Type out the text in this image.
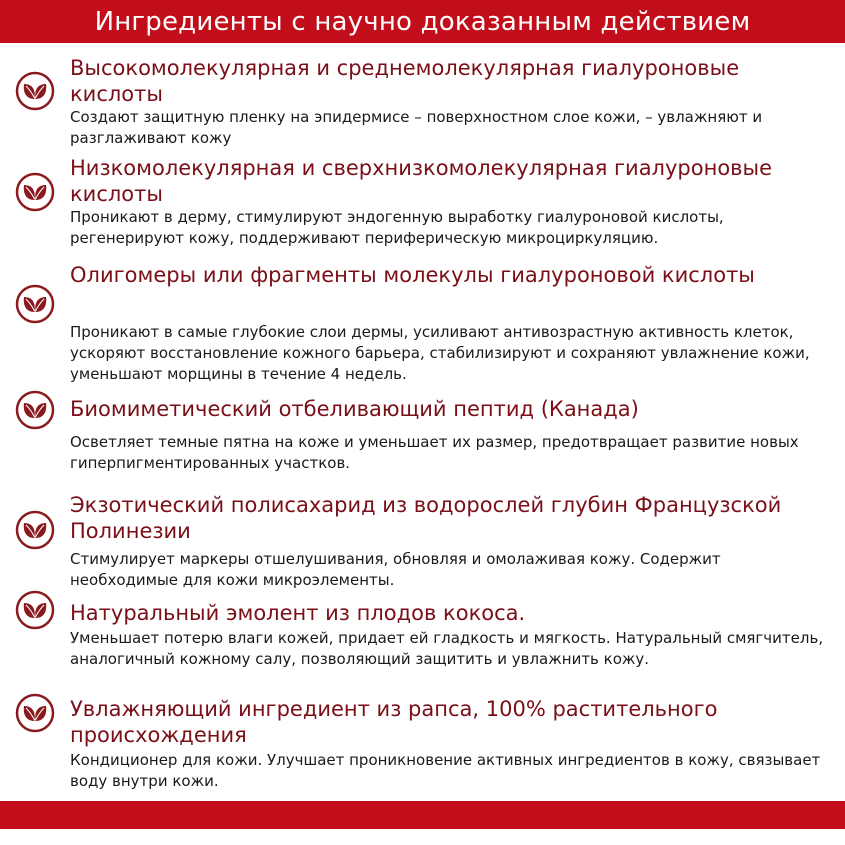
Ингредиенты с научно доказанным действием
Высокомолекулярная и среднемолекулярная гиалуроновые кислоты
Создают защитную пленку на эпидермисе – поверхностном слое кожи, – увлажняют и разглаживают кожу
Низкомолекулярная и сверхнизкомолекулярная гиалуроновые кислоты
Проникают в дерму, стимулируют эндогенную выработку гиалуроновой кислоты, регенерируют кожу, поддерживают периферическую микроциркуляцию.
Олигомеры или фрагменты молекулы гиалуроновой кислоты
Проникают в самые глубокие слои дермы, усиливают антивозрастную активность клеток, ускоряют восстановление кожного барьера, стабилизируют и сохраняют увлажнение кожи, уменьшают морщины в течение 4 недель.
Биомиметический отбеливающий пептид (Канада)
Осветляет темные пятна на коже и уменьшает их размер, предотвращает развитие новых гиперпигментированных участков.
Экзотический полисахарид из водорослей глубин Французской Полинезии
Стимулирует маркеры отшелушивания, обновляя и омолаживая кожу. Содержит необходимые для кожи микроэлементы.
Натуральный эмолент из плодов кокоса.
Уменьшает потерю влаги кожей, придает ей гладкость и мягкость. Натуральный смягчитель, аналогичный кожному салу, позволяющий защитить и увлажнить кожу.
Увлажняющий ингредиент из рапса, 100% растительного происхождения
Кондиционер для кожи. Улучшает проникновение активных ингредиентов в кожу, связывает воду внутри кожи.
